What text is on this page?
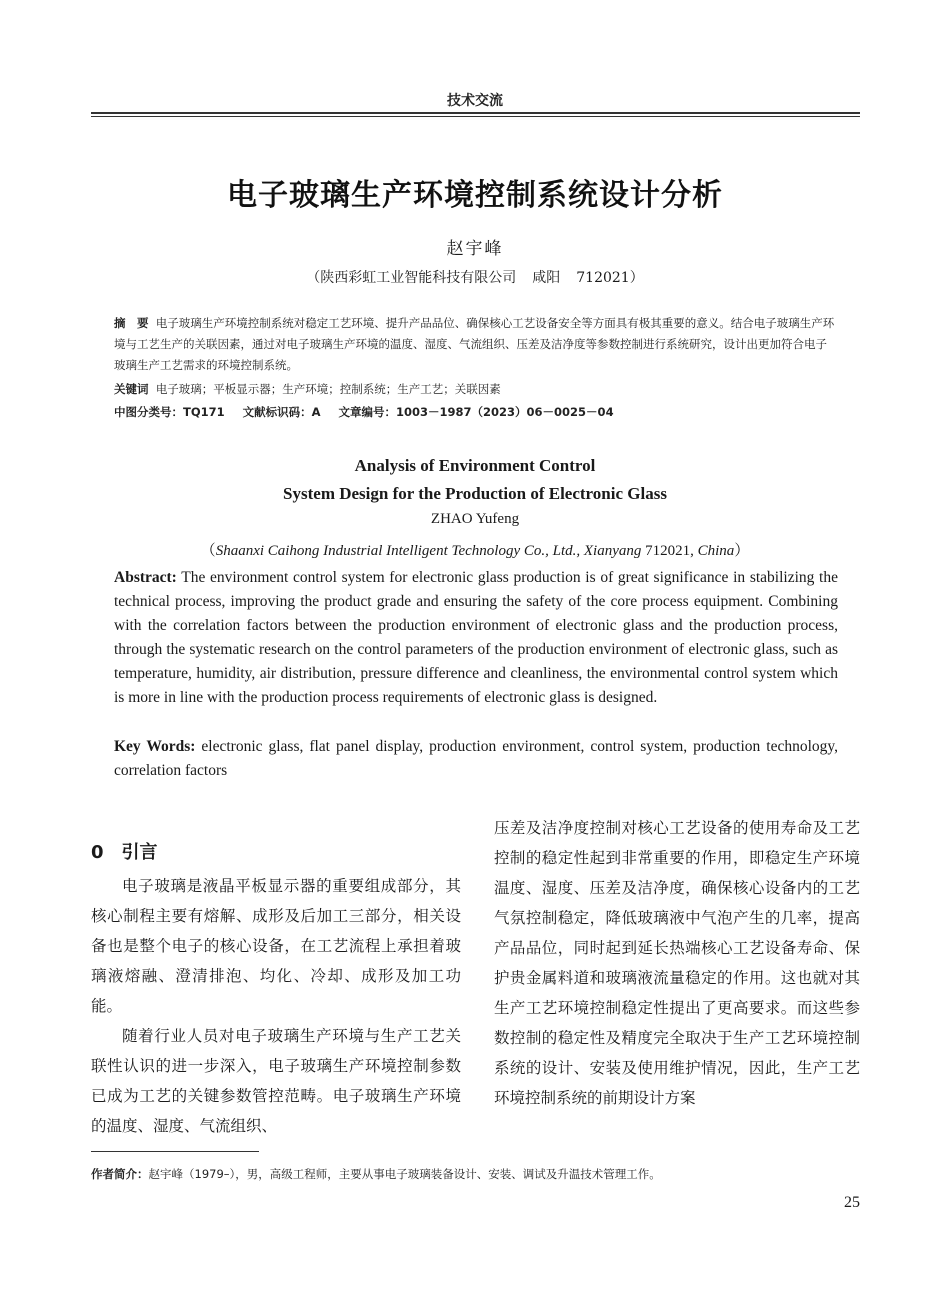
技术交流
电子玻璃生产环境控制系统设计分析
赵宇峰
（陕西彩虹工业智能科技有限公司 咸阳 712021）
摘　要 电子玻璃生产环境控制系统对稳定工艺环境、提升产品品位、确保核心工艺设备安全等方面具有极其重要的意义。结合电子玻璃生产环境与工艺生产的关联因素，通过对电子玻璃生产环境的温度、湿度、气流组织、压差及洁净度等参数控制进行系统研究，设计出更加符合电子玻璃生产工艺需求的环境控制系统。
关键词 电子玻璃；平板显示器；生产环境；控制系统；生产工艺；关联因素
中图分类号：TQ171 文献标识码：A 文章编号：1003－1987（2023）06－0025－04
Analysis of Environment Control
System Design for the Production of Electronic Glass
ZHAO Yufeng
（Shaanxi Caihong Industrial Intelligent Technology Co., Ltd., Xianyang 712021, China）
Abstract: The environment control system for electronic glass production is of great significance in stabilizing the technical process, improving the product grade and ensuring the safety of the core process equipment. Combining with the correlation factors between the production environment of electronic glass and the production process, through the systematic research on the control parameters of the production environment of electronic glass, such as temperature, humidity, air distribution, pressure difference and cleanliness, the environmental control system which is more in line with the production process requirements of electronic glass is designed.
Key Words: electronic glass, flat panel display, production environment, control system, production technology, correlation factors
0　引言

电子玻璃是液晶平板显示器的重要组成部分，其核心制程主要有熔解、成形及后加工三部分，相关设备也是整个电子的核心设备，在工艺流程上承担着玻璃液熔融、澄清排泡、均化、冷却、成形及加工功能。

随着行业人员对电子玻璃生产环境与生产工艺关联性认识的进一步深入，电子玻璃生产环境控制参数已成为工艺的关键参数管控范畴。电子玻璃生产环境的温度、湿度、气流组织、

压差及洁净度控制对核心工艺设备的使用寿命及工艺控制的稳定性起到非常重要的作用，即稳定生产环境温度、湿度、压差及洁净度，确保核心设备内的工艺气氛控制稳定，降低玻璃液中气泡产生的几率，提高产品品位，同时起到延长热端核心工艺设备寿命、保护贵金属料道和玻璃液流量稳定的作用。这也就对其生产工艺环境控制稳定性提出了更高要求。而这些参数控制的稳定性及精度完全取决于生产工艺环境控制系统的设计、安装及使用维护情况，因此，生产工艺环境控制系统的前期设计方案

作者简介：赵宇峰（1979–），男，高级工程师，主要从事电子玻璃装备设计、安装、调试及升温技术管理工作。
25
